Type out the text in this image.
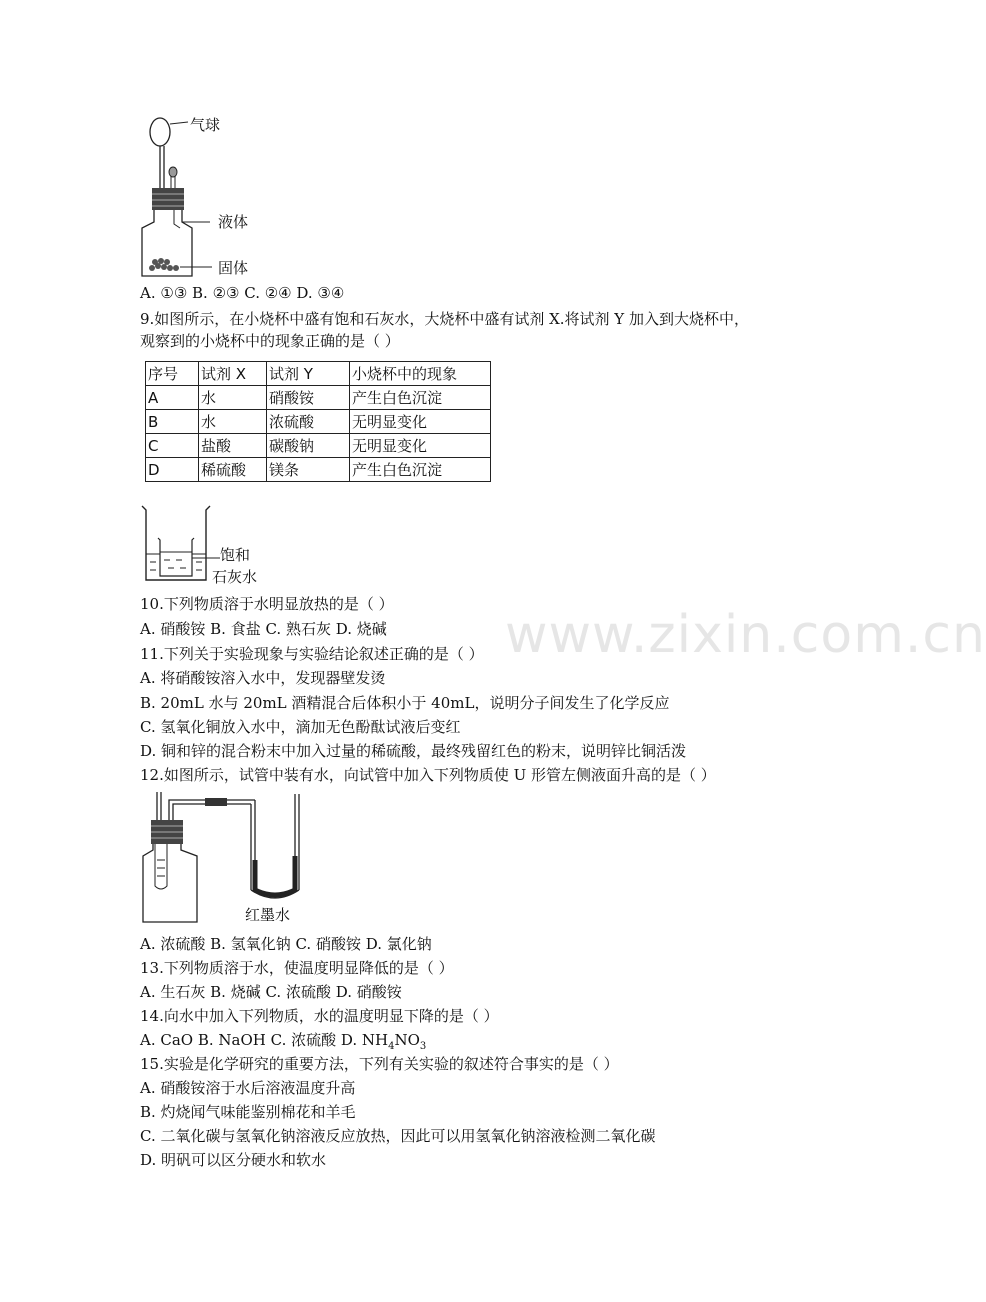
www.zixin.com.cn
气球
液体
固体
A. ①③ B. ②③ C. ②④ D. ③④
9.如图所示，在小烧杯中盛有饱和石灰水，大烧杯中盛有试剂 X.将试剂 Y 加入到大烧杯中，
观察到的小烧杯中的现象正确的是（ ）
序号	试剂 X	试剂 Y	小烧杯中的现象
A	水	硝酸铵	产生白色沉淀
B	水	浓硫酸	无明显变化
C	盐酸	碳酸钠	无明显变化
D	稀硫酸	镁条	产生白色沉淀
饱和
石灰水
10.下列物质溶于水明显放热的是（ ）
A. 硝酸铵 B. 食盐 C. 熟石灰 D. 烧碱
11.下列关于实验现象与实验结论叙述正确的是（ ）
A. 将硝酸铵溶入水中，发现器壁发烫
B. 20mL 水与 20mL 酒精混合后体积小于 40mL，说明分子间发生了化学反应
C. 氢氧化铜放入水中，滴加无色酚酞试液后变红
D. 铜和锌的混合粉末中加入过量的稀硫酸，最终残留红色的粉末，说明锌比铜活泼
12.如图所示，试管中装有水，向试管中加入下列物质使 U 形管左侧液面升高的是（ ）
红墨水
A. 浓硫酸 B. 氢氧化钠 C. 硝酸铵 D. 氯化钠
13.下列物质溶于水，使温度明显降低的是（ ）
A. 生石灰 B. 烧碱 C. 浓硫酸 D. 硝酸铵
14.向水中加入下列物质，水的温度明显下降的是（ ）
A. CaO B. NaOH C. 浓硫酸 D. $NH_4NO_3$
15.实验是化学研究的重要方法，下列有关实验的叙述符合事实的是（ ）
A. 硝酸铵溶于水后溶液温度升高
B. 灼烧闻气味能鉴别棉花和羊毛
C. 二氧化碳与氢氧化钠溶液反应放热，因此可以用氢氧化钠溶液检测二氧化碳
D. 明矾可以区分硬水和软水
